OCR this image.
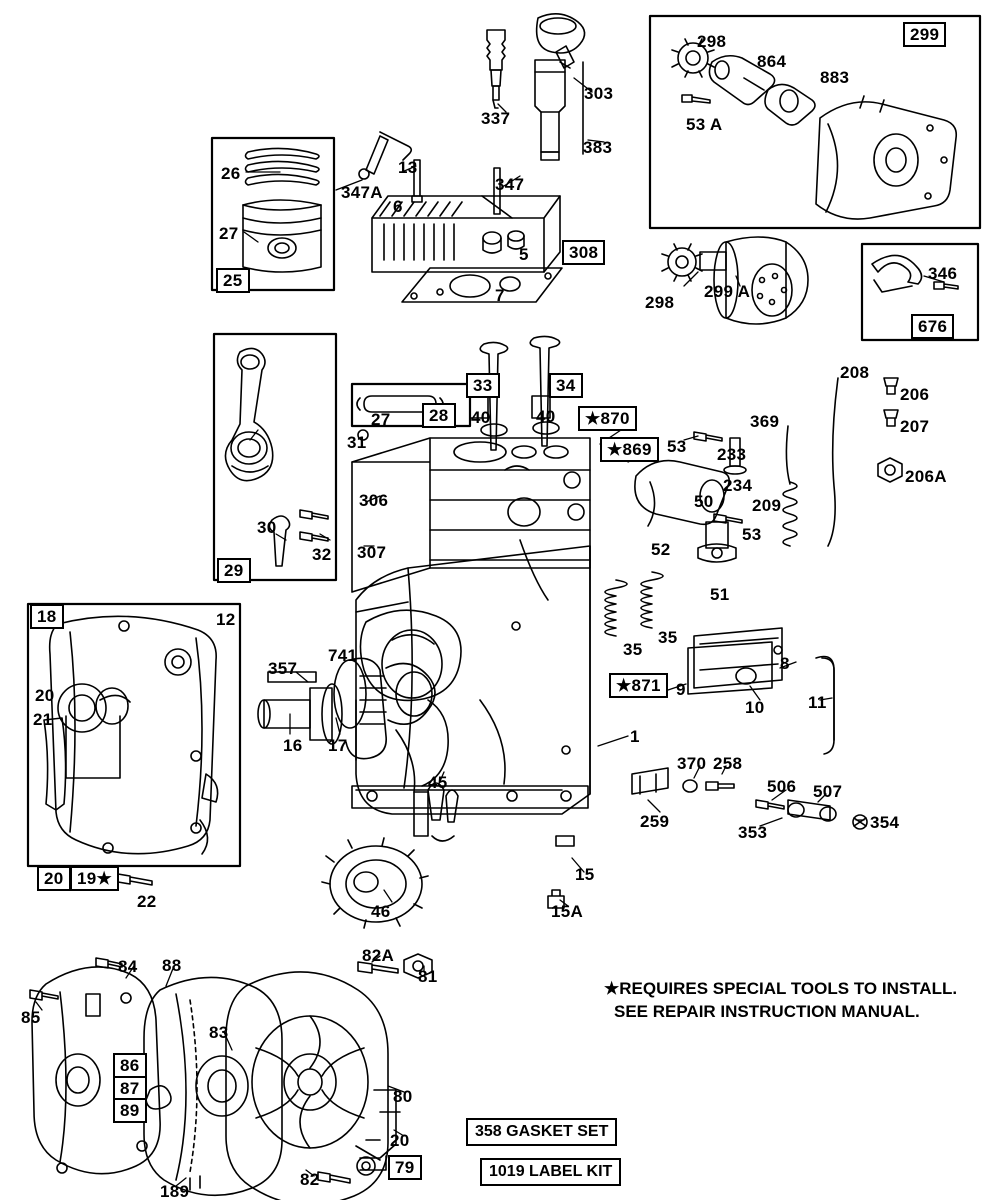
299
298
864
883
53 A
303
337
383
26
27
25
347A
13
6
347
5	308
7	298
299 A
346
676
27	28
31
33	34
40	40	★870
★869 53 233
234
209
208
369
206
207
206A
306
307
30
32
29
50
52
53
51
35
35
18	12
20
21
357
741
16 17
★871 9
8
10	11
1
370 258
259
506 507
353
354
45
15
46	15A
20 19★
22
84 88
85
83
82A
81
86
87
89
80
20
79
82
189
★REQUIRES SPECIAL TOOLS TO INSTALL.
SEE REPAIR INSTRUCTION MANUAL.
358 GASKET SET
1019 LABEL KIT
